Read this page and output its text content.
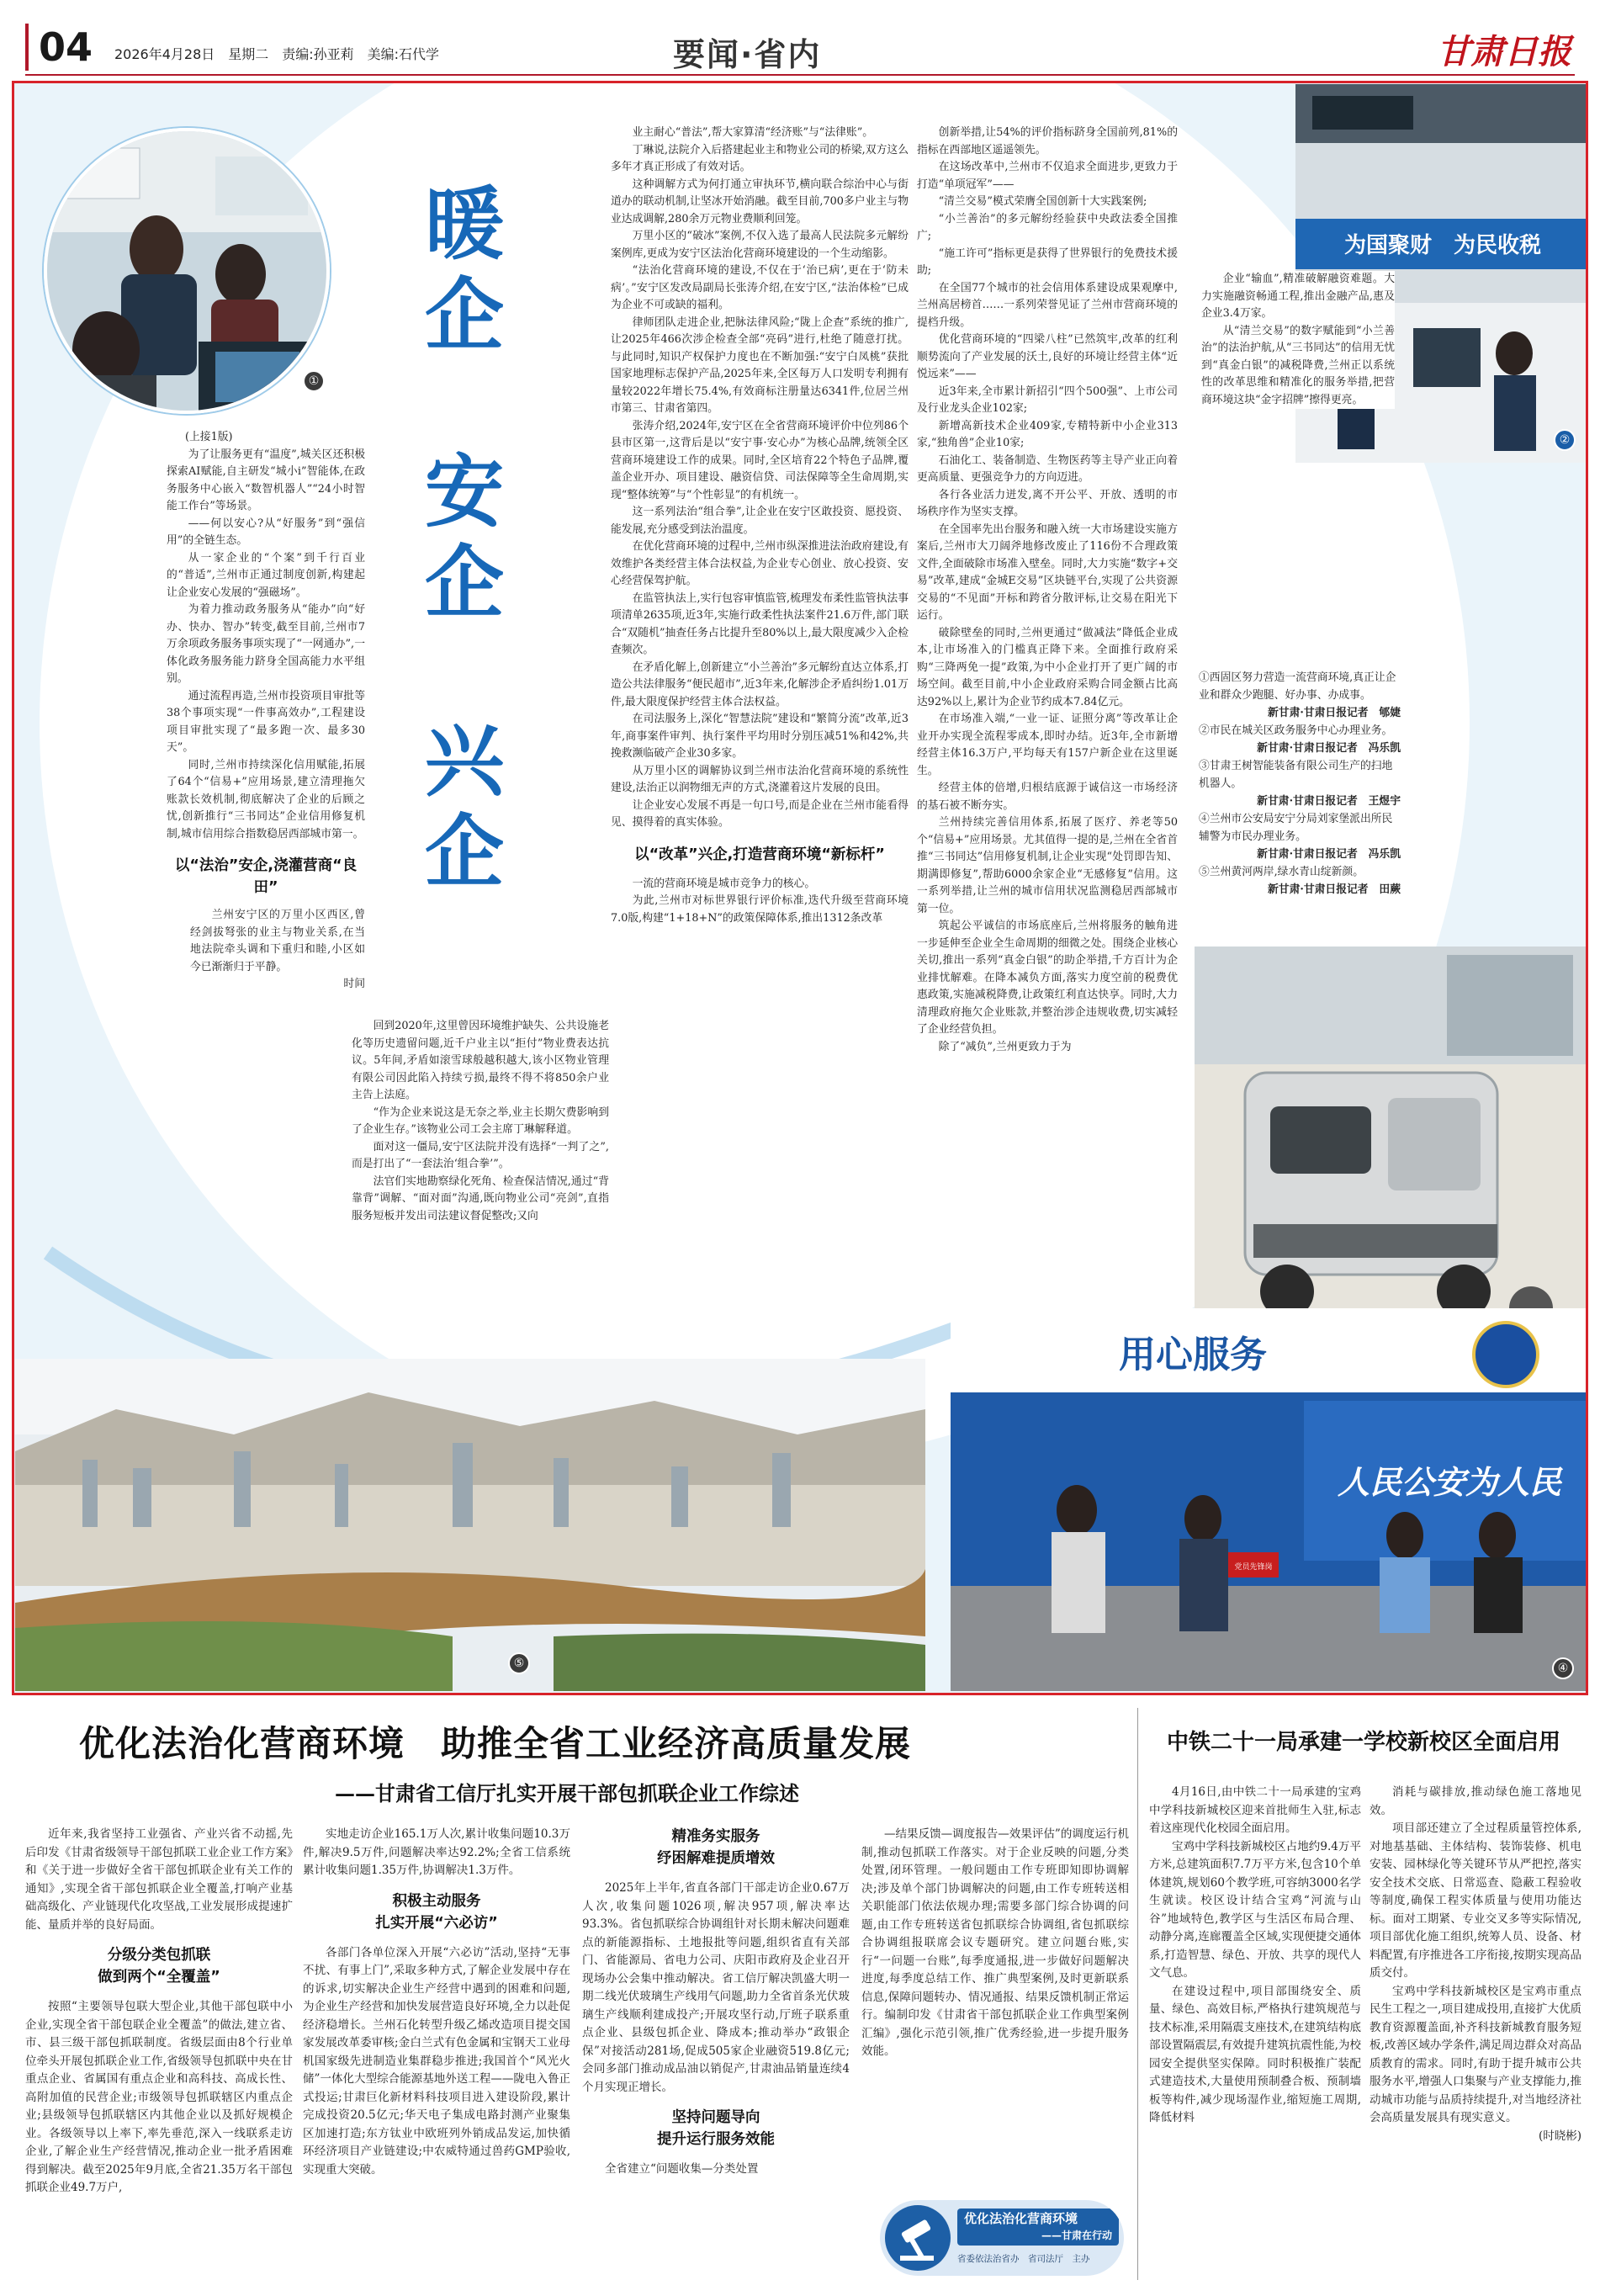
04	2026年4月28日　星期二　责编:孙亚莉　美编:石代学	要闻·省内	甘肃日报
暖
企
安
企
兴
企
(上接1版)

为了让服务更有“温度”,城关区还积极探索AI赋能,自主研发“城小i”智能体,在政务服务中心嵌入“数智机器人”“24小时智能工作台”等场景。

——何以安心?从“好服务”到“强信用”的全链生态。

从一家企业的“个案”到千行百业的“普适”,兰州市正通过制度创新,构建起让企业安心发展的“强磁场”。

为着力推动政务服务从“能办”向“好办、快办、智办”转变,截至目前,兰州市7万余项政务服务事项实现了“一网通办”,一体化政务服务能力跻身全国高能力水平组别。

通过流程再造,兰州市投资项目审批等38个事项实现“一件事高效办”,工程建设项目审批实现了“最多跑一次、最多30天”。

同时,兰州市持续深化信用赋能,拓展了64个“信易+”应用场景,建立清理拖欠账款长效机制,彻底解决了企业的后顾之忧,创新推行“三书同达”企业信用修复机制,城市信用综合指数稳居西部城市第一。

以“法治”安企,浇灌营商“良田”

兰州安宁区的万里小区西区,曾经剑拔弩张的业主与物业关系,在当地法院牵头调和下重归和睦,小区如今已渐渐归于平静。

时间

回到2020年,这里曾因环境维护缺失、公共设施老化等历史遗留问题,近千户业主以“拒付”物业费表达抗议。5年间,矛盾如滚雪球般越积越大,该小区物业管理有限公司因此陷入持续亏损,最终不得不将850余户业主告上法庭。

“作为企业来说这是无奈之举,业主长期欠费影响到了企业生存。”该物业公司工会主席丁琳解释道。

面对这一僵局,安宁区法院并没有选择“一判了之”,而是打出了“一套法治‘组合拳’”。

法官们实地勘察绿化死角、检查保洁情况,通过“背靠背”调解、“面对面”沟通,既向物业公司“亮剑”,直指服务短板并发出司法建议督促整改;又向

业主耐心“普法”,帮大家算清“经济账”与“法律账”。

丁琳说,法院介入后搭建起业主和物业公司的桥梁,双方这么多年才真正形成了有效对话。

这种调解方式为何打通立审执环节,横向联合综治中心与街道办的联动机制,让坚冰开始消融。截至目前,700多户业主与物业达成调解,280余万元物业费顺利回笼。

万里小区的“破冰”案例,不仅入选了最高人民法院多元解纷案例库,更成为安宁区法治化营商环境建设的一个生动缩影。

“法治化营商环境的建设,不仅在于‘治已病’,更在于‘防未病’。”安宁区发改局副局长张涛介绍,在安宁区,“法治体检”已成为企业不可或缺的福利。

律师团队走进企业,把脉法律风险;“陇上企查”系统的推广,让2025年466次涉企检查全部“亮码”进行,杜绝了随意打扰。与此同时,知识产权保护力度也在不断加强:“安宁白凤桃”获批国家地理标志保护产品,2025年来,全区每万人口发明专利拥有量较2022年增长75.4%,有效商标注册量达6341件,位居兰州市第三、甘肃省第四。

张涛介绍,2024年,安宁区在全省营商环境评价中位列86个县市区第一,这背后是以“安宁事·安心办”为核心品牌,统领全区营商环境建设工作的成果。同时,全区培育22个特色子品牌,覆盖企业开办、项目建设、融资信贷、司法保障等全生命周期,实现“整体统筹”与“个性彰显”的有机统一。

这一系列法治“组合拳”,让企业在安宁区敢投资、愿投资、能发展,充分感受到法治温度。

在优化营商环境的过程中,兰州市纵深推进法治政府建设,有效维护各类经营主体合法权益,为企业专心创业、放心投资、安心经营保驾护航。

在监管执法上,实行包容审慎监管,梳理发布柔性监管执法事项清单2635项,近3年,实施行政柔性执法案件21.6万件,部门联合“双随机”抽查任务占比提升至80%以上,最大限度减少入企检查频次。

在矛盾化解上,创新建立“小兰善治”多元解纷直达立体系,打造公共法律服务“便民超市”,近3年来,化解涉企矛盾纠纷1.01万件,最大限度保护经营主体合法权益。

在司法服务上,深化“智慧法院”建设和“繁简分流”改革,近3年,商事案件审判、执行案件平均用时分别压减51%和42%,共挽救濒临破产企业30多家。

从万里小区的调解协议到兰州市法治化营商环境的系统性建设,法治正以润物细无声的方式,浇灌着这片发展的良田。

让企业安心发展不再是一句口号,而是企业在兰州市能看得见、摸得着的真实体验。

以“改革”兴企,打造营商环境“新标杆”

一流的营商环境是城市竞争力的核心。

为此,兰州市对标世界银行评价标准,迭代升级至营商环境7.0版,构建“1+18+N”的政策保障体系,推出1312条改革

创新举措,让54%的评价指标跻身全国前列,81%的指标在西部地区遥遥领先。

在这场改革中,兰州市不仅追求全面进步,更致力于打造“单项冠军”——

“清兰交易”模式荣膺全国创新十大实践案例;

“小兰善治”的多元解纷经验获中央政法委全国推广;

“施工许可”指标更是获得了世界银行的免费技术援助;

在全国77个城市的社会信用体系建设成果观摩中,兰州高居榜首……一系列荣誉见证了兰州市营商环境的提档升级。

优化营商环境的“四梁八柱”已然筑牢,改革的红利顺势流向了产业发展的沃土,良好的环境让经营主体“近悦远来”——

近3年来,全市累计新招引“四个500强”、上市公司及行业龙头企业102家;

新增高新技术企业409家,专精特新中小企业313家,“独角兽”企业10家;

石油化工、装备制造、生物医药等主导产业正向着更高质量、更强竞争力的方向迈进。

各行各业活力迸发,离不开公平、开放、透明的市场秩序作为坚实支撑。

在全国率先出台服务和融入统一大市场建设实施方案后,兰州市大刀阔斧地修改废止了116份不合理政策文件,全面破除市场准入壁垒。同时,大力实施“数字+交易”改革,建成“金城E交易”区块链平台,实现了公共资源交易的“不见面”开标和跨省分散评标,让交易在阳光下运行。

破除壁垒的同时,兰州更通过“做减法”降低企业成本,让市场准入的门槛真正降下来。全面推行政府采购“三降两免一提”政策,为中小企业打开了更广阔的市场空间。截至目前,中小企业政府采购合同金额占比高达92%以上,累计为企业节约成本7.84亿元。

在市场准入端,“一业一证、证照分离”等改革让企业开办实现全流程零成本,即时办结。近3年,全市新增经营主体16.3万户,平均每天有157户新企业在这里诞生。

经营主体的倍增,归根结底源于诚信这一市场经济的基石被不断夯实。

兰州持续完善信用体系,拓展了医疗、养老等50个“信易+”应用场景。尤其值得一提的是,兰州在全省首推“三书同达”信用修复机制,让企业实现“处罚即告知、期满即修复”,帮助6000余家企业“无感修复”信用。这一系列举措,让兰州的城市信用状况监测稳居西部城市第一位。

筑起公平诚信的市场底座后,兰州将服务的触角进一步延伸至企业全生命周期的细微之处。围绕企业核心关切,推出一系列“真金白银”的助企举措,千方百计为企业排忧解难。在降本减负方面,落实力度空前的税费优惠政策,实施减税降费,让政策红利直达快享。同时,大力清理政府拖欠企业账款,并整治涉企违规收费,切实减轻了企业经营负担。

除了“减负”,兰州更致力于为

为国聚财　为民收税
②

企业“输血”,精准破解融资难题。大力实施融资畅通工程,推出金融产品,惠及企业3.4万家。

从“清兰交易”的数字赋能到“小兰善治”的法治护航,从“三书同达”的信用无忧到“真金白银”的减税降费,兰州正以系统性的改革思维和精准化的服务举措,把营商环境这块“金字招牌”擦得更亮。

①西固区努力营造一流营商环境,真正让企业和群众少跑腿、好办事、办成事。
新甘肃·甘肃日报记者　郇婕
②市民在城关区政务服务中心办理业务。
新甘肃·甘肃日报记者　冯乐凯
③甘肃王树智能装备有限公司生产的扫地机器人。
新甘肃·甘肃日报记者　王煜宇
④兰州市公安局安宁分局刘家堡派出所民辅警为市民办理业务。
新甘肃·甘肃日报记者　冯乐凯
⑤兰州黄河两岸,绿水青山绽新颜。
新甘肃·甘肃日报记者　田蕨
⑤
用心服务
人民公安为人民
党员先锋岗
④
①
优化法治化营商环境　助推全省工业经济高质量发展
——甘肃省工信厅扎实开展干部包抓联企业工作综述

近年来,我省坚持工业强省、产业兴省不动摇,先后印发《甘肃省级领导干部包抓联工业企业工作方案》和《关于进一步做好全省干部包抓联企业有关工作的通知》,实现全省干部包抓联企业全覆盖,打响产业基础高级化、产业链现代化攻坚战,工业发展形成提速扩能、量质并举的良好局面。

分级分类包抓联
做到两个“全覆盖”

按照“主要领导包联大型企业,其他干部包联中小企业,实现全省干部包联企业全覆盖”的做法,建立省、市、县三级干部包抓联制度。省级层面由8个行业单位牵头开展包抓联企业工作,省级领导包抓联中央在甘重点企业、省属国有重点企业和高科技、高成长性、高附加值的民营企业;市级领导包抓联辖区内重点企业;县级领导包抓联辖区内其他企业以及抓好规模企业。各级领导以上率下,率先垂范,深入一线联系走访企业,了解企业生产经营情况,推动企业一批矛盾困难得到解决。截至2025年9月底,全省21.35万名干部包抓联企业49.7万户,

实地走访企业165.1万人次,累计收集问题10.3万件,解决9.5万件,问题解决率达92.2%;全省工信系统累计收集问题1.35万件,协调解决1.3万件。

积极主动服务
扎实开展“六必访”

各部门各单位深入开展“六必访”活动,坚持“无事不扰、有事上门”,采取多种方式,了解企业发展中存在的诉求,切实解决企业生产经营中遇到的困难和问题,为企业生产经营和加快发展营造良好环境,全力以赴促经济稳增长。兰州石化转型升级乙烯改造项目提交国家发展改革委审核;金白兰式有色金属和宝钢天工业母机国家级先进制造业集群稳步推进;我国首个“风光火储”一体化大型综合能源基地外送工程——陇电入鲁正式投运;甘肃巨化新材料科技项目进入建设阶段,累计完成投资20.5亿元;华天电子集成电路封测产业聚集区加速打造;东方钛业中欧班列外销成品发运,加快循环经济项目产业链建设;中农威特通过兽药GMP验收,实现重大突破。

精准务实服务
纾困解难提质增效

2025年上半年,省直各部门干部走访企业0.67万人次,收集问题1026项,解决957项,解决率达93.3%。省包抓联综合协调组针对长期未解决问题难点的新能源指标、土地报批等问题,组织省直有关部门、省能源局、省电力公司、庆阳市政府及企业召开现场办公会集中推动解决。省工信厅解决凯盛大明一期二线光伏玻璃生产线用气问题,助力全省首条光伏玻璃生产线顺利建成投产;开展攻坚行动,厅班子联系重点企业、县级包抓企业、降成本;推动举办“政银企保”对接活动281场,促成505家企业融资519.8亿元;会同多部门推动成品油以销促产,甘肃油品销量连续4个月实现正增长。

坚持问题导向
提升运行服务效能

全省建立“问题收集—分类处置

—结果反馈—调度报告—效果评估”的调度运行机制,推动包抓联工作落实。对于企业反映的问题,分类处置,闭环管理。一般问题由工作专班即知即协调解决;涉及单个部门协调解决的问题,由工作专班转送相关职能部门依法依规办理;需要多部门综合协调的问题,由工作专班转送省包抓联综合协调组,省包抓联综合协调组报联席会议专题研究。建立问题台账,实行“一问题一台账”,每季度通报,进一步做好问题解决进度,每季度总结工作、推广典型案例,及时更新联系信息,保障问题转办、情况通报、结果反馈机制正常运行。编制印发《甘肃省干部包抓联企业工作典型案例汇编》,强化示范引领,推广优秀经验,进一步提升服务效能。

优化法治化营商环境
——甘肃在行动
省委依法治省办　省司法厅　主办
中铁二十一局承建一学校新校区全面启用

4月16日,由中铁二十一局承建的宝鸡中学科技新城校区迎来首批师生入驻,标志着这座现代化校园全面启用。

宝鸡中学科技新城校区占地约9.4万平方米,总建筑面积7.7万平方米,包含10个单体建筑,规划60个教学班,可容纳3000名学生就读。校区设计结合宝鸡“河流与山谷”地域特色,教学区与生活区布局合理、动静分离,连廊覆盖全区域,实现便捷交通体系,打造智慧、绿色、开放、共享的现代人文气息。

在建设过程中,项目部围绕安全、质量、绿色、高效目标,严格执行建筑规范与技术标准,采用隔震支座技术,在建筑结构底部设置隔震层,有效提升建筑抗震性能,为校园安全提供坚实保障。同时积极推广装配式建造技术,大量使用预制叠合板、预制墙板等构件,减少现场湿作业,缩短施工周期,降低材料

消耗与碳排放,推动绿色施工落地见效。

项目部还建立了全过程质量管控体系,对地基基础、主体结构、装饰装修、机电安装、园林绿化等关键环节从严把控,落实安全技术交底、日常巡查、隐蔽工程验收等制度,确保工程实体质量与使用功能达标。面对工期紧、专业交叉多等实际情况,项目部优化施工组织,统筹人员、设备、材料配置,有序推进各工序衔接,按期实现高品质交付。

宝鸡中学科技新城校区是宝鸡市重点民生工程之一,项目建成投用,直接扩大优质教育资源覆盖面,补齐科技新城教育服务短板,改善区域办学条件,满足周边群众对高品质教育的需求。同时,有助于提升城市公共服务水平,增强人口集聚与产业支撑能力,推动城市功能与品质持续提升,对当地经济社会高质量发展具有现实意义。

(时晓彬)
